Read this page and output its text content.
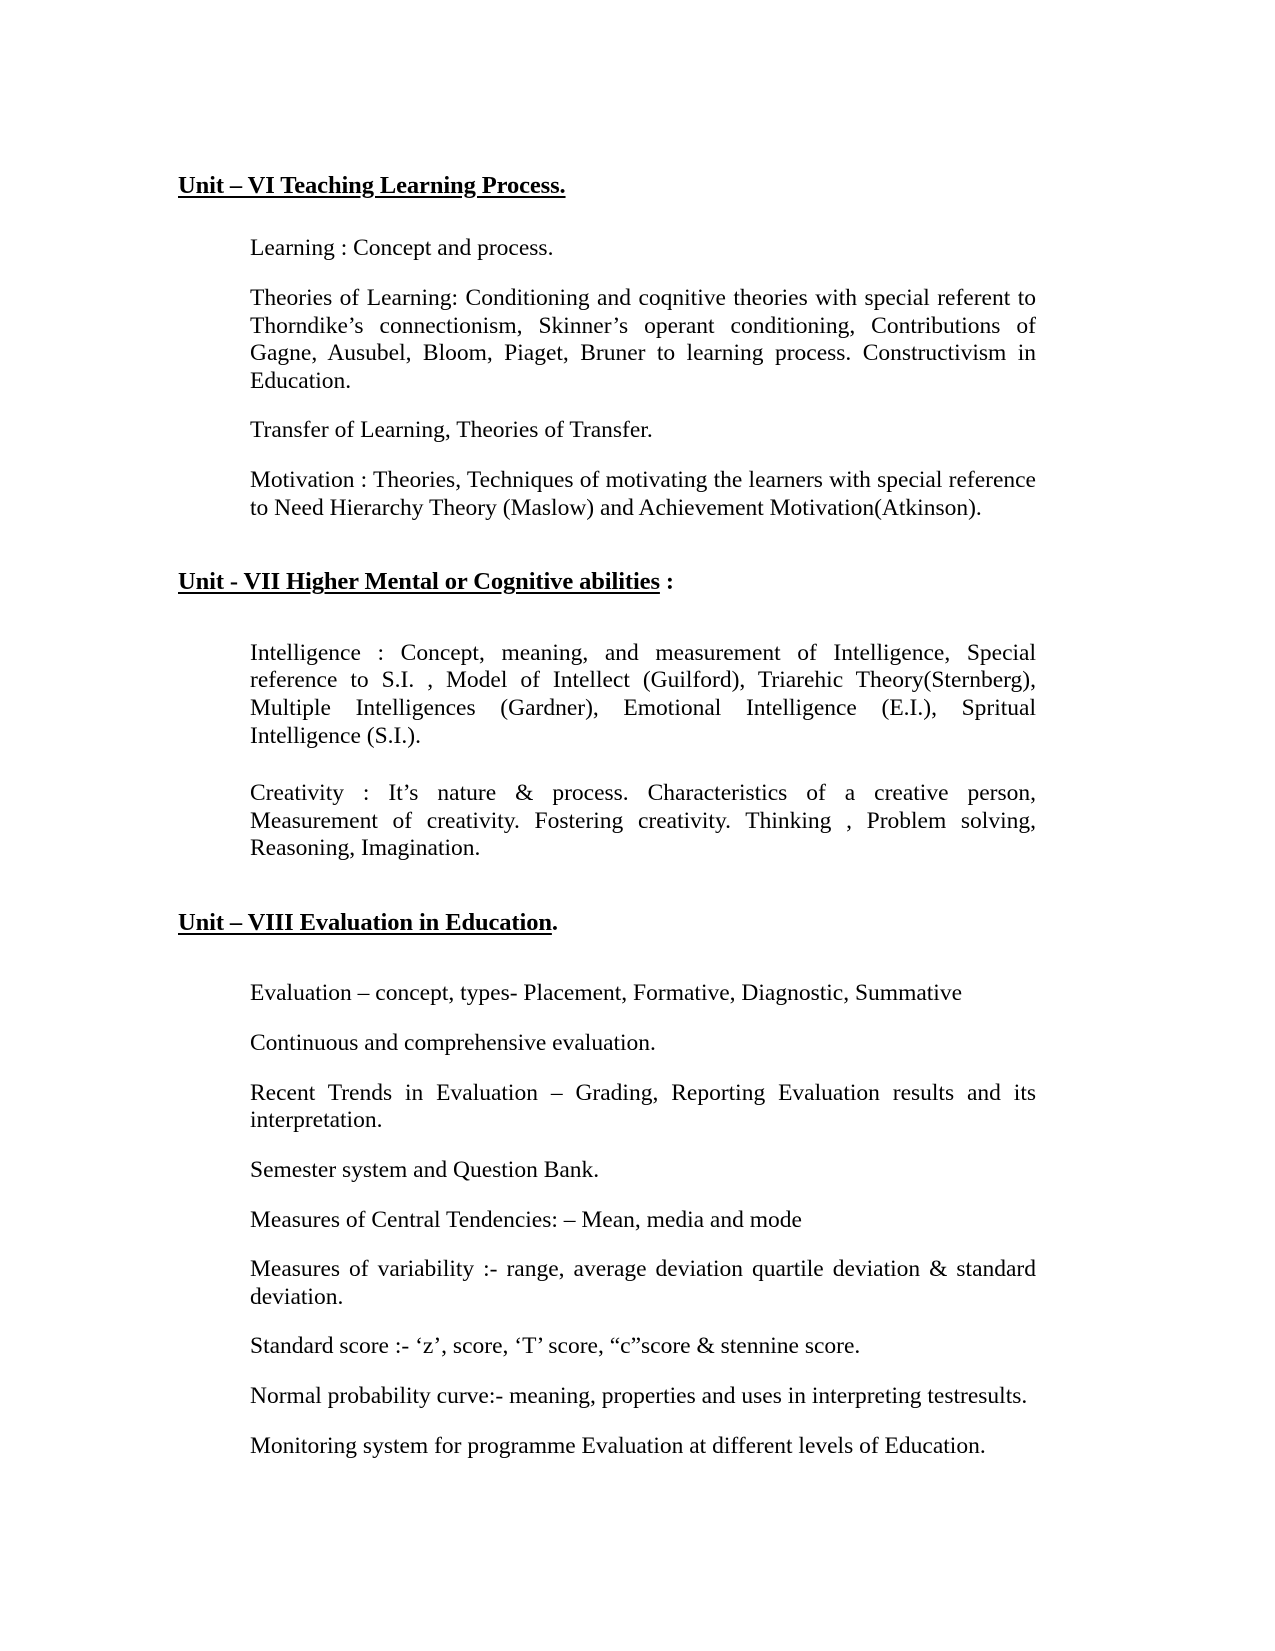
Unit – VI Teaching Learning Process.

Learning : Concept and process.

Theories of Learning: Conditioning and coqnitive theories with special referent to Thorndike’s connectionism, Skinner’s operant conditioning, Contributions of Gagne, Ausubel, Bloom, Piaget, Bruner to learning process. Constructivism in Education.

Transfer of Learning, Theories of Transfer.

Motivation : Theories, Techniques of motivating the learners with special reference to Need Hierarchy Theory (Maslow) and Achievement Motivation(Atkinson).

Unit - VII Higher Mental or Cognitive abilities :

Intelligence : Concept, meaning, and measurement of Intelligence, Special reference to S.I. , Model of Intellect (Guilford), Triarehic Theory(Sternberg), Multiple Intelligences (Gardner), Emotional Intelligence (E.I.), Spritual Intelligence (S.I.).

Creativity : It’s nature & process. Characteristics of a creative person, Measurement of creativity. Fostering creativity. Thinking , Problem solving, Reasoning, Imagination.

Unit – VIII Evaluation in Education.

Evaluation – concept, types- Placement, Formative, Diagnostic, Summative

Continuous and comprehensive evaluation.

Recent Trends in Evaluation – Grading, Reporting Evaluation results and its interpretation.

Semester system and Question Bank.

Measures of Central Tendencies: – Mean, media and mode

Measures of variability :- range, average deviation quartile deviation & standard deviation.

Standard score :- ‘z’, score, ‘T’ score, “c”score & stennine score.

Normal probability curve:- meaning, properties and uses in interpreting testresults.

Monitoring system for programme Evaluation at different levels of Education.
